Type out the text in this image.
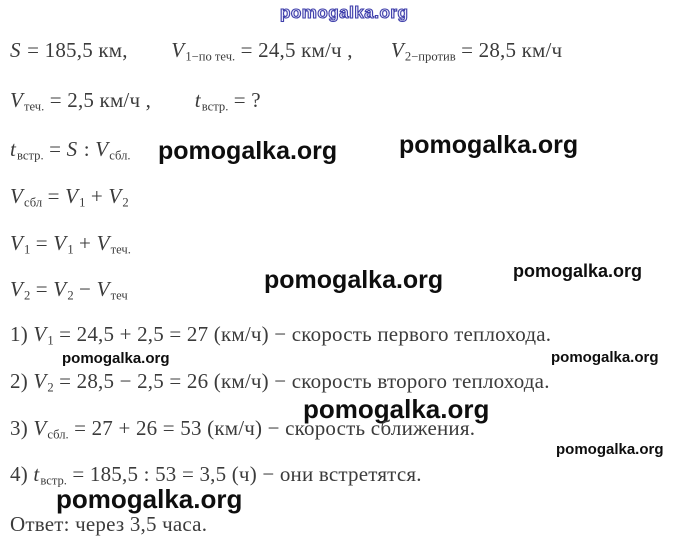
pomogalka.org
pomogalka.org pomogalka.org
pomogalka.org	pomogalka.org
pomogalka.org	pomogalka.org
pomogalka.org
pomogalka.org
pomogalka.org
S = 185,5 км,        $V_{1-по теч.} = 24,5$ км/ч ,       $V_{2-против} = 28,5$ км/ч
$V_{теч.} = 2,5$ км/ч ,        $t_{встр.}$ = ?
$t_{встр.} = S$ : $V_{сбл.}$
$V_{сбл} = V_1 + V_2$
$V_1 = V_1 + V_{теч.}$
$V_2 = V_2 - V_{теч}$
1) $V_1 = 24,5 + 2,5 = 27$ (км/ч) − скорость первого теплохода.
2) $V_2 = 28,5 - 2,5 = 26$ (км/ч) − скорость второго теплохода.
3) $V_{сбл.} = 27 + 26 = 53$ (км/ч) − скорость сближения.
4) $t_{встр.} = 185,5$ : 53 = 3,5 (ч) − они встретятся.
Ответ: через 3,5 часа.
